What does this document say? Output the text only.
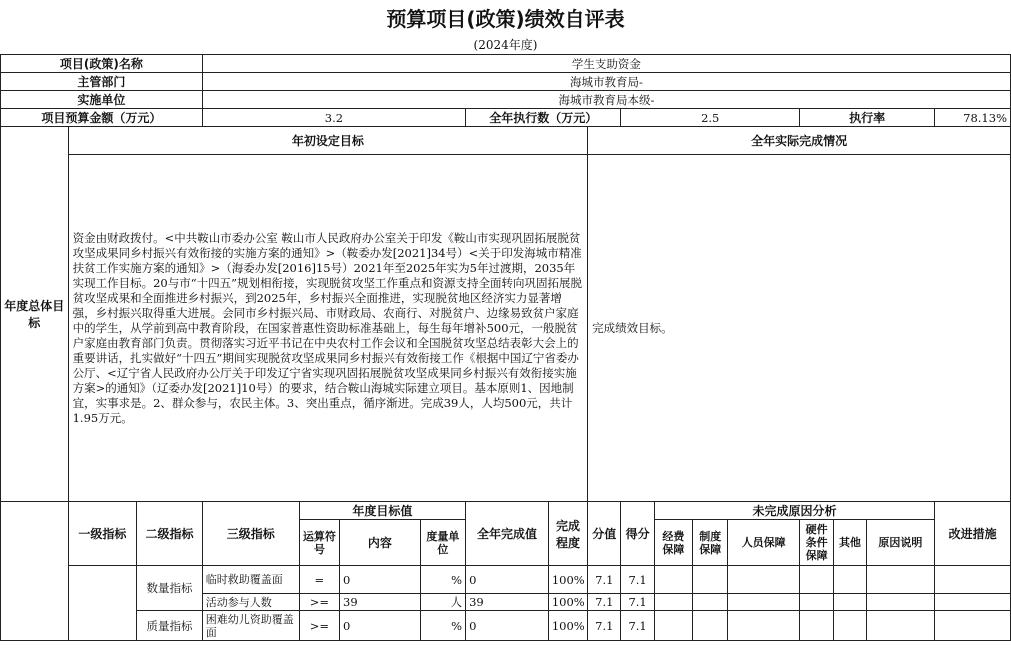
预算项目(政策)绩效自评表
(2024年度)
项目(政策)名称			学生支助资金														
主管部门			海城市教育局-														
实施单位			海城市教育局本级-														
项目预算金额（万元）			3.2				全年执行数（万元）			2.5				执行率			78.13%
年度总体目标	年初设定目标								全年实际完成情况								
	资金由财政拨付。<中共鞍山市委办公室 鞍山市人民政府办公室关于印发《鞍山市实现巩固拓展脱贫攻坚成果同乡村振兴有效衔接的实施方案的通知》>（鞍委办发[2021]34号）<关于印发海城市精准扶贫工作实施方案的通知》>（海委办发[2016]15号）2021年至2025年实为5年过渡期，2035年实现工作目标。20与市“十四五”规划相衔接，实现脱贫攻坚工作重点和资源支持全面转向巩固拓展脱贫攻坚成果和全面推进乡村振兴，到2025年，乡村振兴全面推进，实现脱贫地区经济实力显著增强，乡村振兴取得重大进展。会同市乡村振兴局、市财政局、农商行、对脱贫户、边缘易致贫户家庭中的学生，从学前到高中教育阶段，在国家普惠性资助标准基础上，每生每年增补500元，一般脱贫户家庭由教育部门负责。贯彻落实习近平书记在中央农村工作会议和全国脱贫攻坚总结表彰大会上的重要讲话，扎实做好“十四五”期间实现脱贫攻坚成果同乡村振兴有效衔接工作《根据中国辽宁省委办公厅、<辽宁省人民政府办公厅关于印发辽宁省实现巩固拓展脱贫攻坚成果同乡村振兴有效衔接实施方案>的通知》（辽委办发[2021]10号）的要求，结合鞍山海城实际建立项目。基本原则1、因地制宜，实事求是。2、群众参与，农民主体。3、突出重点，循序渐进。完成39人，人均500元，共计1.95万元。								完成绩效目标。								
	一级指标	二级指标	三级指标	年度目标值			全年完成值	完成程度	分值	得分	未完成原因分析						改进措施
				运算符号	内容	度量单位					经费保障	制度保障	人员保障	硬件条件保障	其他	原因说明	
		数量指标	临时救助覆盖面	=	0	%	0	100%	7.1	7.1							
			活动参与人数	>=	39	人	39	100%	7.1	7.1							
		质量指标	困难幼儿资助覆盖面	>=	0	%	0	100%	7.1	7.1							
